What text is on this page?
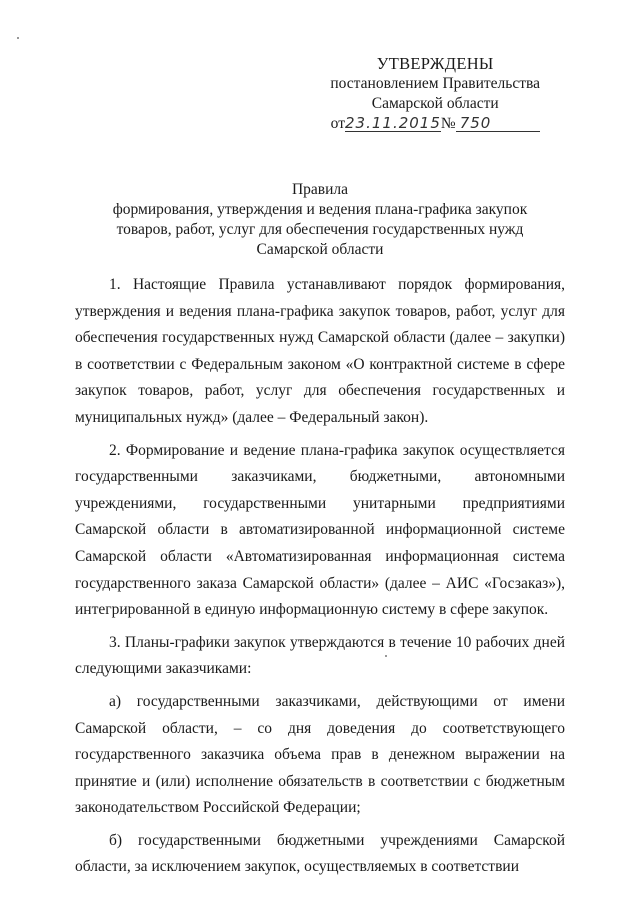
УТВЕРЖДЕНЫ
постановлением Правительства
Самарской области
от 23.11.2015 № 750
Правила
формирования, утверждения и ведения плана-графика закупок
товаров, работ, услуг для обеспечения государственных нужд
Самарской области

1. Настоящие Правила устанавливают порядок формирования, утверждения и ведения плана-графика закупок товаров, работ, услуг для обеспечения государственных нужд Самарской области (далее – закупки) в соответствии с Федеральным законом «О контрактной системе в сфере закупок товаров, работ, услуг для обеспечения государственных и муниципальных нужд» (далее – Федеральный закон).

2. Формирование и ведение плана-графика закупок осуществляется государственными заказчиками, бюджетными, автономными учреждениями, государственными унитарными предприятиями Самарской области в автоматизированной информационной системе Самарской области «Автоматизированная информационная система государственного заказа Самарской области» (далее – АИС «Госзаказ»), интегрированной в единую информационную систему в сфере закупок.

3. Планы-графики закупок утверждаются в течение 10 рабочих дней следующими заказчиками:

а) государственными заказчиками, действующими от имени Самарской области, – со дня доведения до соответствующего государственного заказчика объема прав в денежном выражении на принятие и (или) исполнение обязательств в соответствии с бюджетным законодательством Российской Федерации;

б) государственными бюджетными учреждениями Самарской области, за исключением закупок, осуществляемых в соответствии
